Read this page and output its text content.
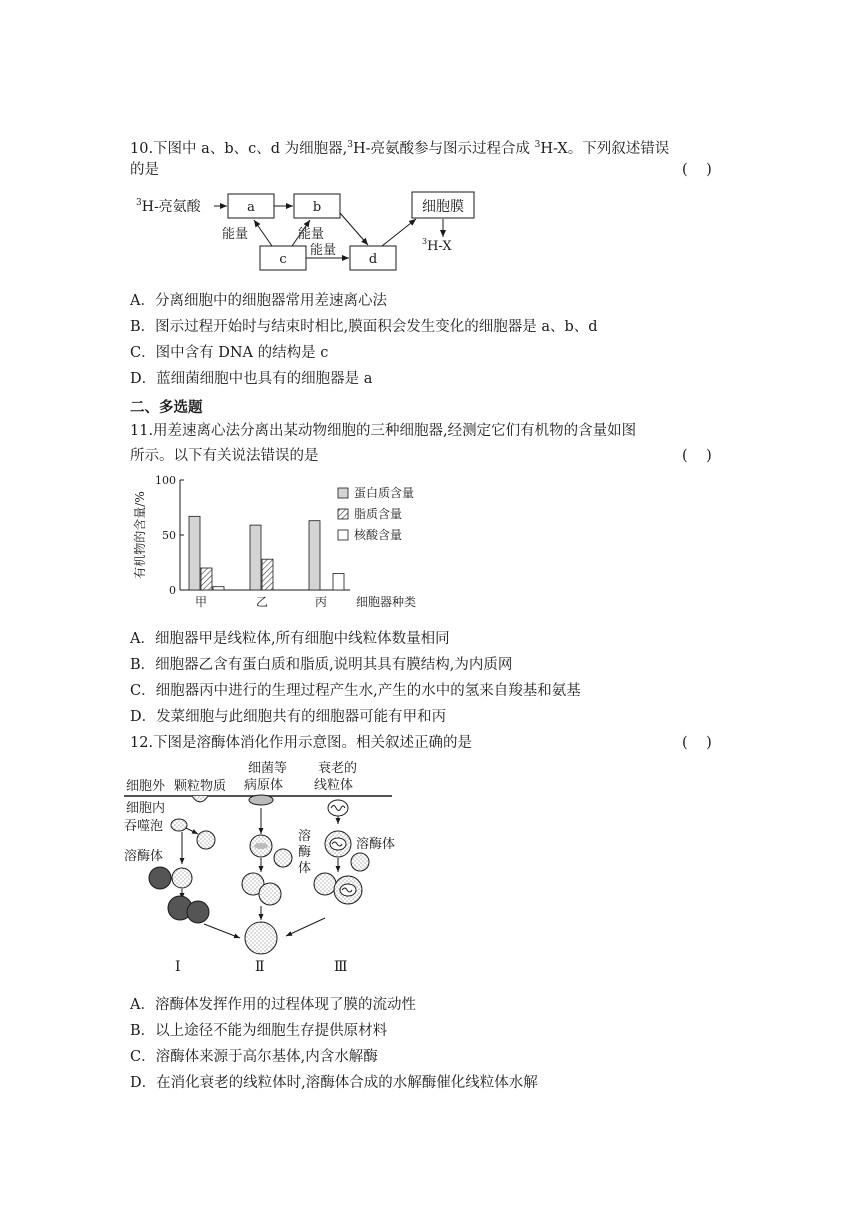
10.下图中 a、b、c、d 为细胞器,$^3$H-亮氨酸参与图示过程合成 $^3$H-X。下列叙述错误
的是	(    )
$^3$H-亮氨酸	a	b
c	d
细胞膜
能量	能量
能量
$^3$H-X
A．分离细胞中的细胞器常用差速离心法
B．图示过程开始时与结束时相比,膜面积会发生变化的细胞器是 a、b、d
C．图中含有 DNA 的结构是 c
D．蓝细菌细胞中也具有的细胞器是 a
二、多选题
11.用差速离心法分离出某动物细胞的三种细胞器,经测定它们有机物的含量如图
所示。以下有关说法错误的是	(    )
0
50
100
有机物的含量/%
甲	乙	丙 细胞器种类
蛋白质含量
脂质含量
核酸含量
A．细胞器甲是线粒体,所有细胞中线粒体数量相同
B．细胞器乙含有蛋白质和脂质,说明其具有膜结构,为内质网
C．细胞器丙中进行的生理过程产生水,产生的水中的氢来自羧基和氨基
D．发菜细胞与此细胞共有的细胞器可能有甲和丙
12.下图是溶酶体消化作用示意图。相关叙述正确的是	(    )
细胞外 颗粒物质
细菌等
病原体
衰老的
线粒体
细胞内
吞噬泡
溶酶体
溶
酶
体
溶酶体
Ⅰ	Ⅱ	Ⅲ
A．溶酶体发挥作用的过程体现了膜的流动性
B．以上途径不能为细胞生存提供原材料
C．溶酶体来源于高尔基体,内含水解酶
D．在消化衰老的线粒体时,溶酶体合成的水解酶催化线粒体水解
